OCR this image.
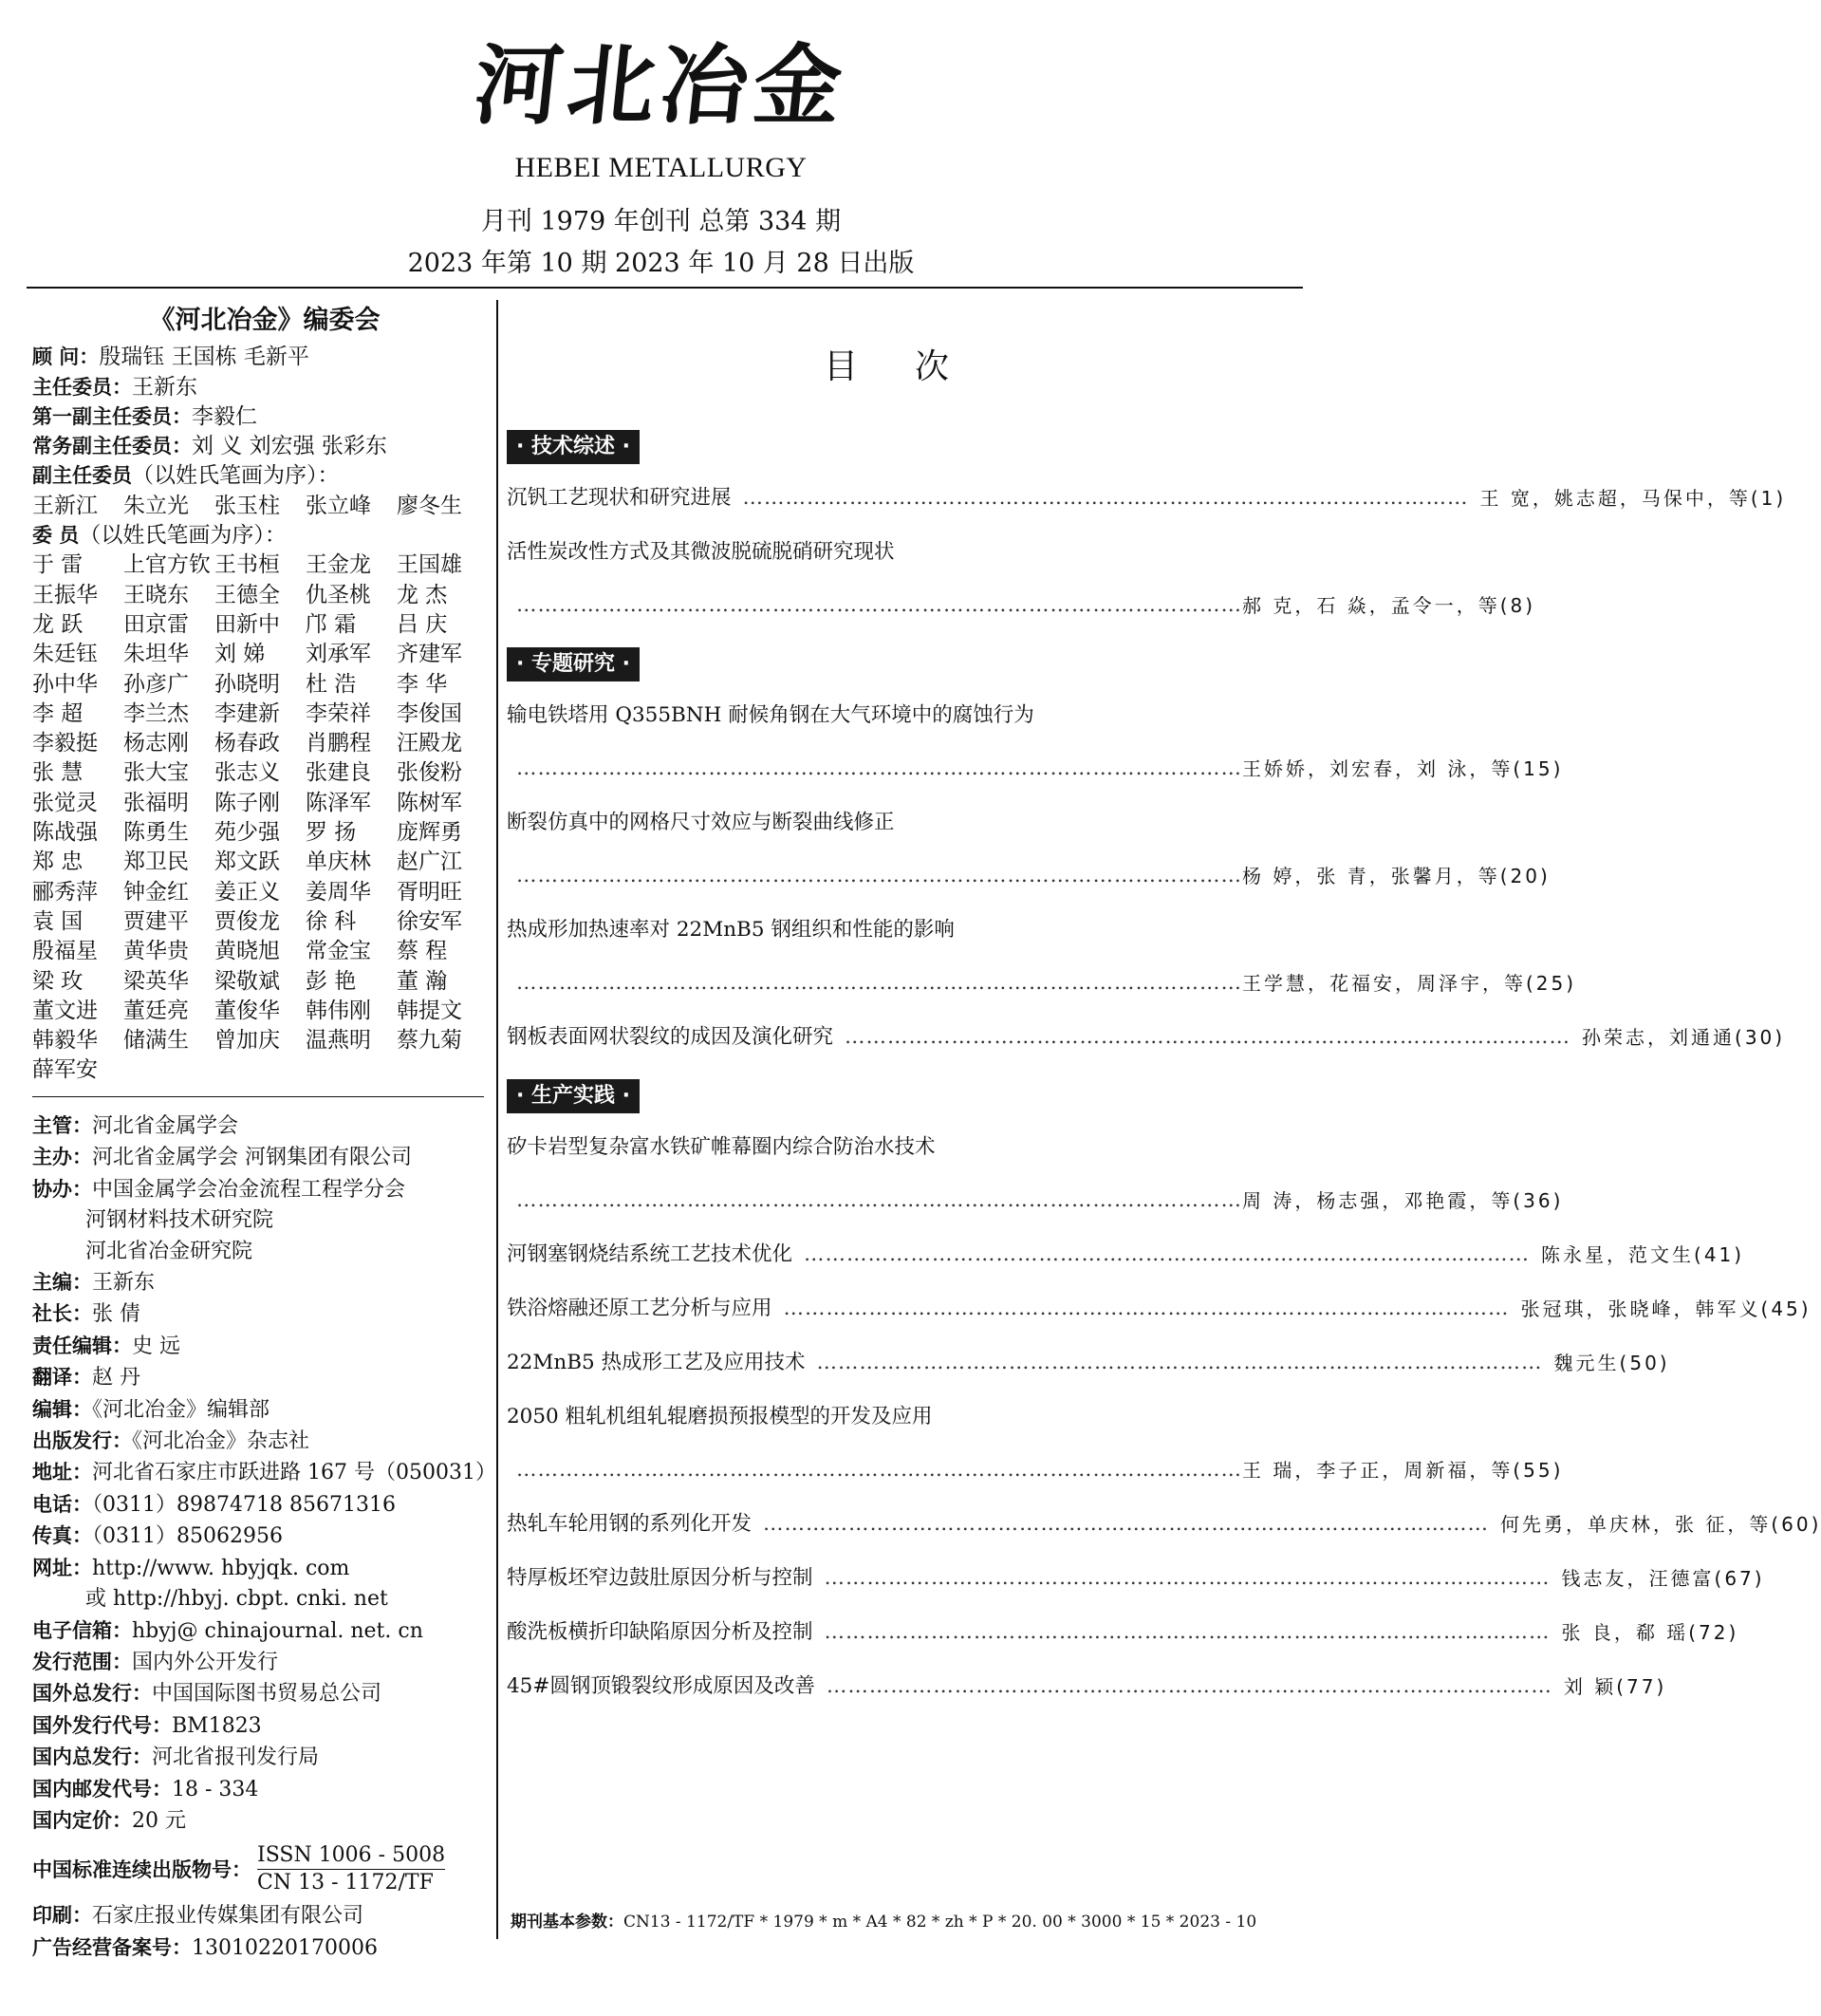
河北冶金
HEBEI METALLURGY
月刊 1979 年创刊 总第 334 期
2023 年第 10 期 2023 年 10 月 28 日出版
《河北冶金》编委会
顾 问：殷瑞钰 王国栋 毛新平
主任委员：王新东
第一副主任委员：李毅仁
常务副主任委员：刘 义 刘宏强 张彩东
副主任委员（以姓氏笔画为序）：
王新江	朱立光	张玉柱	张立峰	廖冬生
委 员（以姓氏笔画为序）：
于 雷	上官方钦 王书桓	王金龙	王国雄
王振华	王晓东	王德全	仇圣桃	龙 杰
龙 跃	田京雷	田新中	邝 霜	吕 庆
朱廷钰	朱坦华	刘 娣	刘承军	齐建军
孙中华	孙彦广	孙晓明	杜 浩	李 华
李 超	李兰杰	李建新	李荣祥	李俊国
李毅挺	杨志刚	杨春政	肖鹏程	汪殿龙
张 慧	张大宝	张志义	张建良	张俊粉
张觉灵	张福明	陈子刚	陈泽军	陈树军
陈战强	陈勇生	苑少强	罗 扬	庞辉勇
郑 忠	郑卫民	郑文跃	单庆林	赵广江
郦秀萍	钟金红	姜正义	姜周华	胥明旺
袁 国	贾建平	贾俊龙	徐 科	徐安军
殷福星	黄华贵	黄晓旭	常金宝	蔡 程
梁 玫	梁英华	梁敬斌	彭 艳	董 瀚
董文进	董廷亮	董俊华	韩伟刚	韩提文
韩毅华	储满生	曾加庆	温燕明	蔡九菊
薛军安
主管：河北省金属学会
主办：河北省金属学会 河钢集团有限公司
协办：中国金属学会冶金流程工程学分会
河钢材料技术研究院
河北省冶金研究院
主编：王新东
社长：张 倩
责任编辑：史 远
翻译：赵 丹
编辑：《河北冶金》编辑部
出版发行：《河北冶金》杂志社
地址：河北省石家庄市跃进路 167 号（050031）
电话：（0311）89874718 85671316
传真：（0311）85062956
网址：http://www. hbyjqk. com
或 http://hbyj. cbpt. cnki. net
电子信箱：hbyj@ chinajournal. net. cn
发行范围：国内外公开发行
国外总发行：中国国际图书贸易总公司
国外发行代号：BM1823
国内总发行：河北省报刊发行局
国内邮发代号：18 - 334
国内定价：20 元
中国标准连续出版物号： $\frac{\text{ISSN 1006 - 5008}}{CN 13 - 1172/TF}$
印刷：石家庄报业传媒集团有限公司
广告经营备案号：13010220170006
目次
· 技术综述 ·
沉钒工艺现状和研究进展 ………………………………………………………………………………………… 王 宽，姚志超，马保中，等(1)
活性炭改性方式及其微波脱硫脱硝研究现状
………………………………………………………………………………………… 郝 克，石 焱，孟令一，等(8)
· 专题研究 ·
输电铁塔用 Q355BNH 耐候角钢在大气环境中的腐蚀行为
………………………………………………………………………………………… 王娇娇，刘宏春，刘 泳，等(15)
断裂仿真中的网格尺寸效应与断裂曲线修正
………………………………………………………………………………………… 杨 婷，张 青，张馨月，等(20)
热成形加热速率对 22MnB5 钢组织和性能的影响
………………………………………………………………………………………… 王学慧，花福安，周泽宇，等(25)
钢板表面网状裂纹的成因及演化研究 ………………………………………………………………………………………… 孙荣志，刘通通(30)
· 生产实践 ·
矽卡岩型复杂富水铁矿帷幕圈内综合防治水技术
………………………………………………………………………………………… 周 涛，杨志强，邓艳霞，等(36)
河钢塞钢烧结系统工艺技术优化 ………………………………………………………………………………………… 陈永星，范文生(41)
铁浴熔融还原工艺分析与应用 ………………………………………………………………………………………… 张冠琪，张晓峰，韩军义(45)
22MnB5 热成形工艺及应用技术 ………………………………………………………………………………………… 魏元生(50)
2050 粗轧机组轧辊磨损预报模型的开发及应用
………………………………………………………………………………………… 王 瑞，李子正，周新福，等(55)
热轧车轮用钢的系列化开发 ………………………………………………………………………………………… 何先勇，单庆林，张 征，等(60)
特厚板坯窄边鼓肚原因分析与控制 ………………………………………………………………………………………… 钱志友，汪德富(67)
酸洗板横折印缺陷原因分析及控制 ………………………………………………………………………………………… 张 良，郗 瑶(72)
45#圆钢顶锻裂纹形成原因及改善 ………………………………………………………………………………………… 刘 颖(77)
期刊基本参数：CN13 - 1172/TF * 1979 * m * A4 * 82 * zh * P * 20. 00 * 3000 * 15 * 2023 - 10
